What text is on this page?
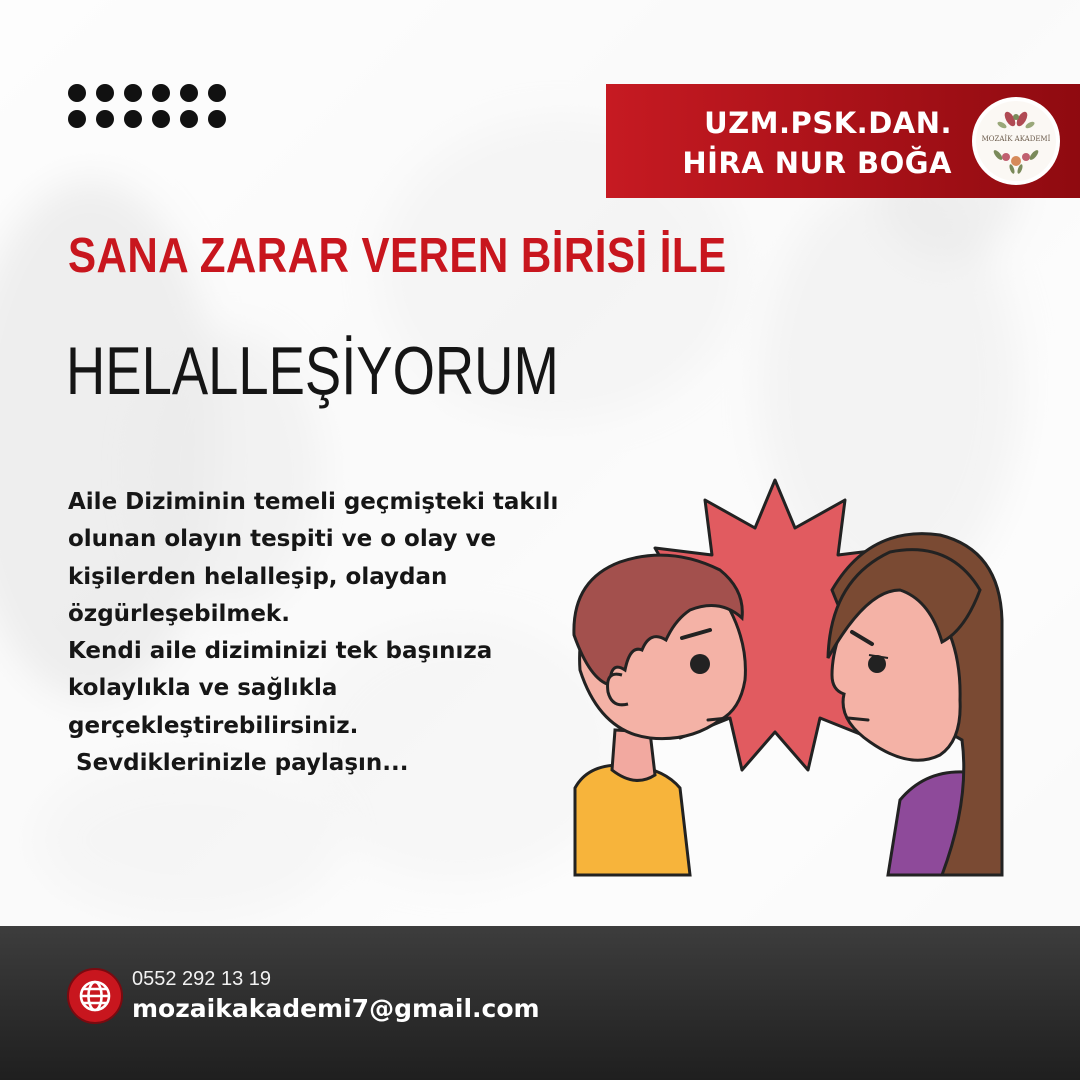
UZM.PSK.DAN.
HİRA NUR BOĞA
MOZAİK AKADEMİ
SANA ZARAR VEREN BİRİSİ İLE
HELALLEŞİYORUM
Aile Diziminin temeli geçmişteki takılı
olunan olayın tespiti ve o olay ve
kişilerden helalleşip, olaydan
özgürleşebilmek.
Kendi aile diziminizi tek başınıza
kolaylıkla ve sağlıkla
gerçekleştirebilirsiniz.
Sevdiklerinizle paylaşın...
0552 292 13 19
mozaikakademi7@gmail.com
